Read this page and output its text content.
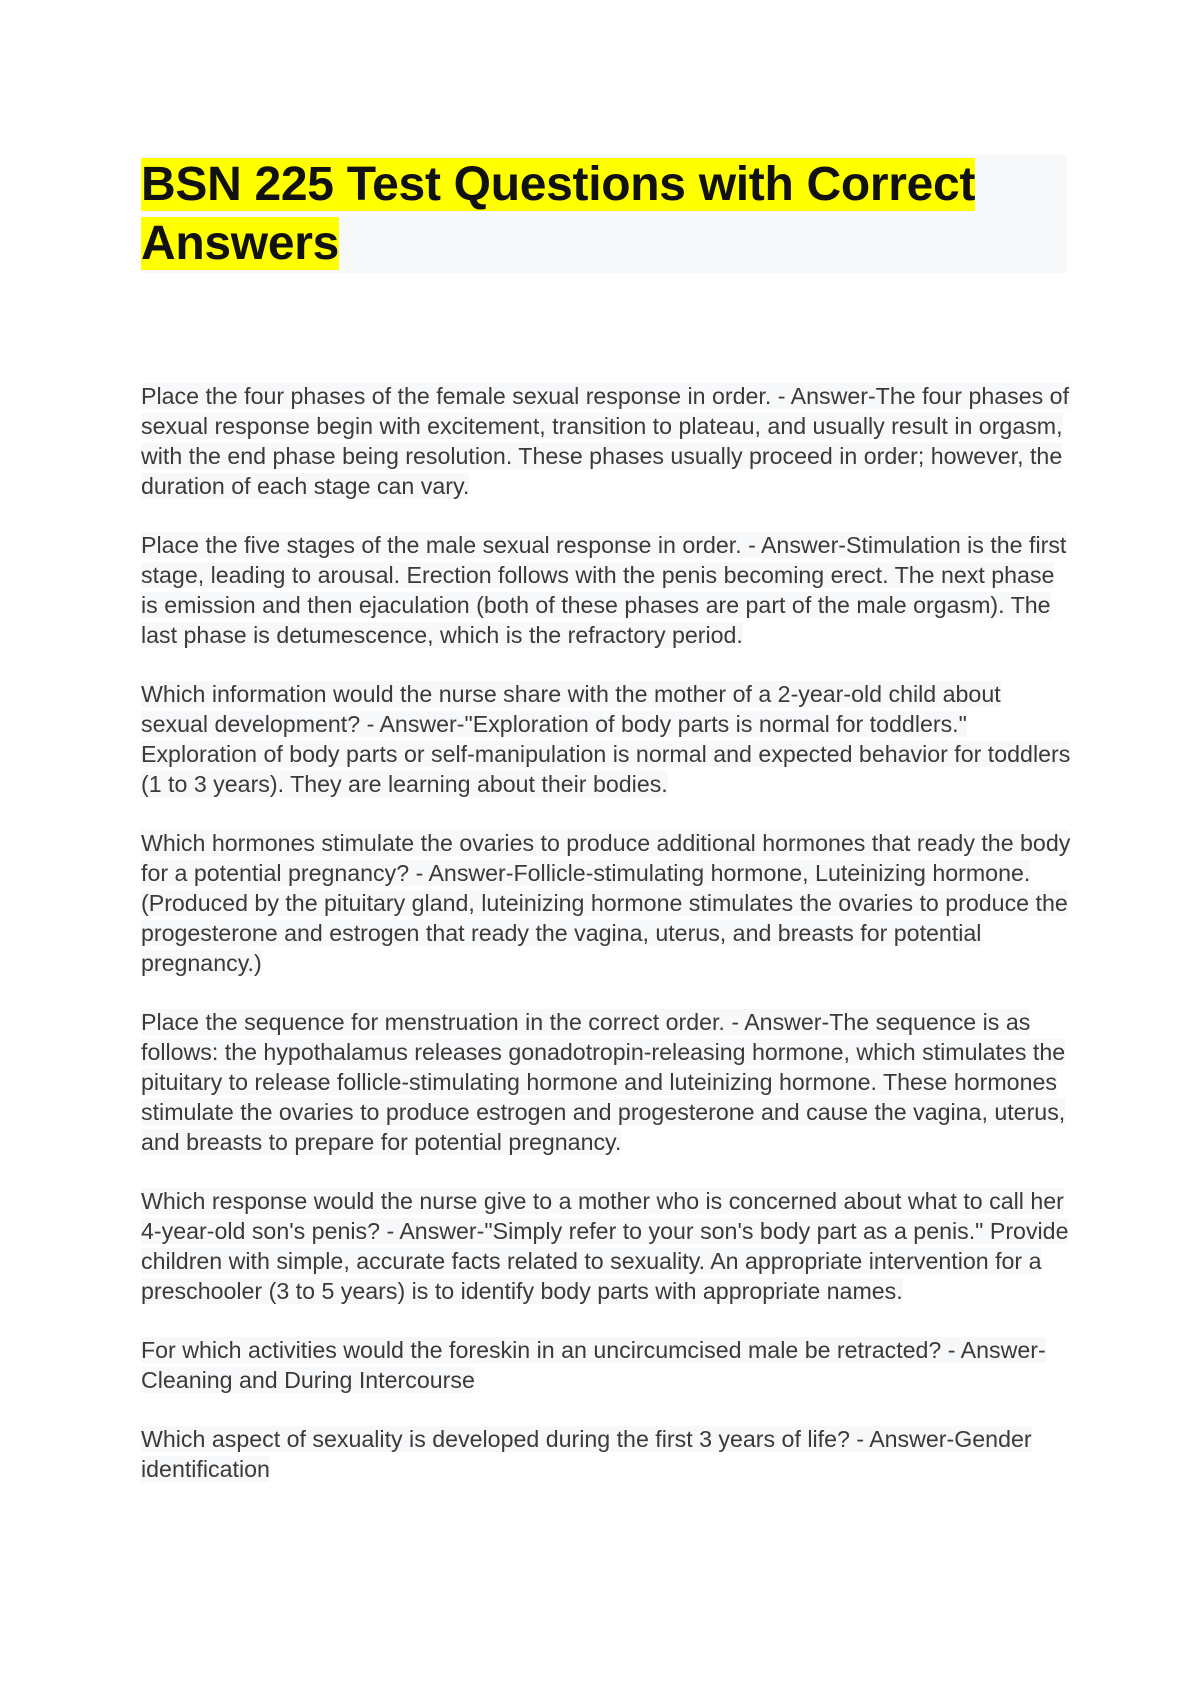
BSN 225 Test Questions with Correct Answers

Place the four phases of the female sexual response in order. - Answer-The four phases of sexual response begin with excitement, transition to plateau, and usually result in orgasm, with the end phase being resolution. These phases usually proceed in order; however, the duration of each stage can vary.

Place the five stages of the male sexual response in order. - Answer-Stimulation is the first stage, leading to arousal. Erection follows with the penis becoming erect. The next phase is emission and then ejaculation (both of these phases are part of the male orgasm). The last phase is detumescence, which is the refractory period.

Which information would the nurse share with the mother of a 2-year-old child about sexual development? - Answer-"Exploration of body parts is normal for toddlers." Exploration of body parts or self-manipulation is normal and expected behavior for toddlers (1 to 3 years). They are learning about their bodies.

Which hormones stimulate the ovaries to produce additional hormones that ready the body for a potential pregnancy? - Answer-Follicle-stimulating hormone, Luteinizing hormone. (Produced by the pituitary gland, luteinizing hormone stimulates the ovaries to produce the progesterone and estrogen that ready the vagina, uterus, and breasts for potential pregnancy.)

Place the sequence for menstruation in the correct order. - Answer-The sequence is as follows: the hypothalamus releases gonadotropin-releasing hormone, which stimulates the pituitary to release follicle-stimulating hormone and luteinizing hormone. These hormones stimulate the ovaries to produce estrogen and progesterone and cause the vagina, uterus, and breasts to prepare for potential pregnancy.

Which response would the nurse give to a mother who is concerned about what to call her 4-year-old son's penis? - Answer-"Simply refer to your son's body part as a penis." Provide children with simple, accurate facts related to sexuality. An appropriate intervention for a preschooler (3 to 5 years) is to identify body parts with appropriate names.

For which activities would the foreskin in an uncircumcised male be retracted? - Answer-Cleaning and During Intercourse

Which aspect of sexuality is developed during the first 3 years of life? - Answer-Gender identification
